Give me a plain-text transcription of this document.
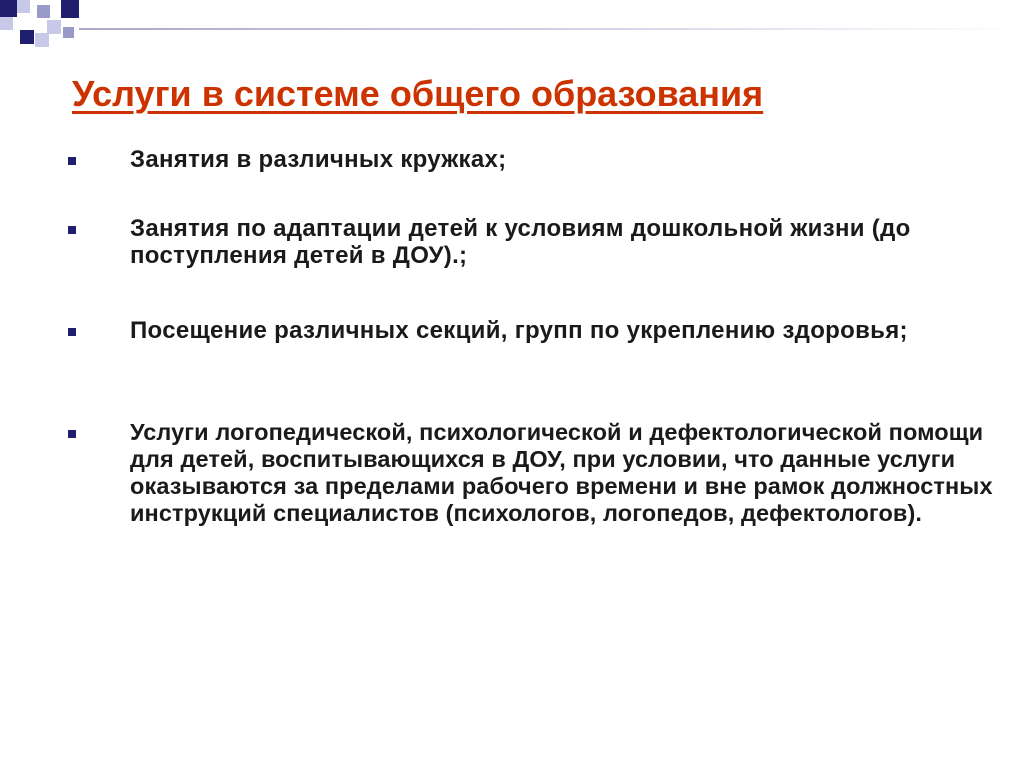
Услуги в системе общего образования
Занятия в различных кружках;
Занятия по адаптации детей к условиям дошкольной жизни (до поступления детей в ДОУ).;
Посещение различных секций, групп по укреплению здоровья;
Услуги логопедической, психологической и дефектологической помощи для детей, воспитывающихся в ДОУ, при условии, что данные услуги оказываются за пределами рабочего времени и вне рамок должностных инструкций специалистов (психологов, логопедов, дефектологов).
